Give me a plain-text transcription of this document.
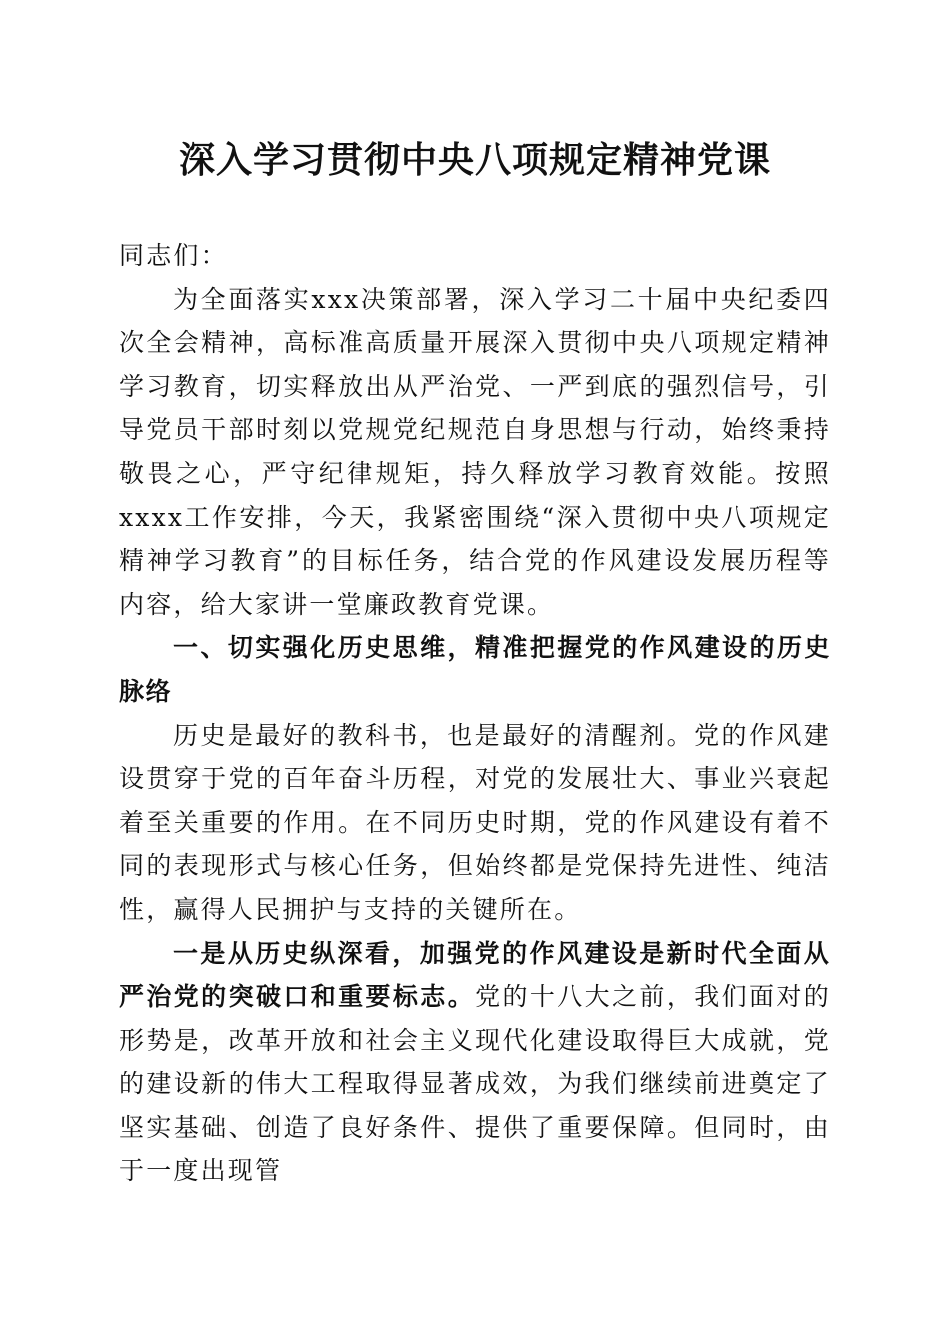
深入学习贯彻中央八项规定精神党课

同志们：

为全面落实xxx决策部署，深入学习二十届中央纪委四次全会精神，高标准高质量开展深入贯彻中央八项规定精神学习教育，切实释放出从严治党、一严到底的强烈信号，引导党员干部时刻以党规党纪规范自身思想与行动，始终秉持敬畏之心，严守纪律规矩，持久释放学习教育效能。按照xxxx工作安排，今天，我紧密围绕“深入贯彻中央八项规定精神学习教育”的目标任务，结合党的作风建设发展历程等内容，给大家讲一堂廉政教育党课。

一、切实强化历史思维，精准把握党的作风建设的历史脉络

历史是最好的教科书，也是最好的清醒剂。党的作风建设贯穿于党的百年奋斗历程，对党的发展壮大、事业兴衰起着至关重要的作用。在不同历史时期，党的作风建设有着不同的表现形式与核心任务，但始终都是党保持先进性、纯洁性，赢得人民拥护与支持的关键所在。

一是从历史纵深看，加强党的作风建设是新时代全面从严治党的突破口和重要标志。党的十八大之前，我们面对的形势是，改革开放和社会主义现代化建设取得巨大成就，党的建设新的伟大工程取得显著成效，为我们继续前进奠定了坚实基础、创造了良好条件、提供了重要保障。但同时，由于一度出现管
